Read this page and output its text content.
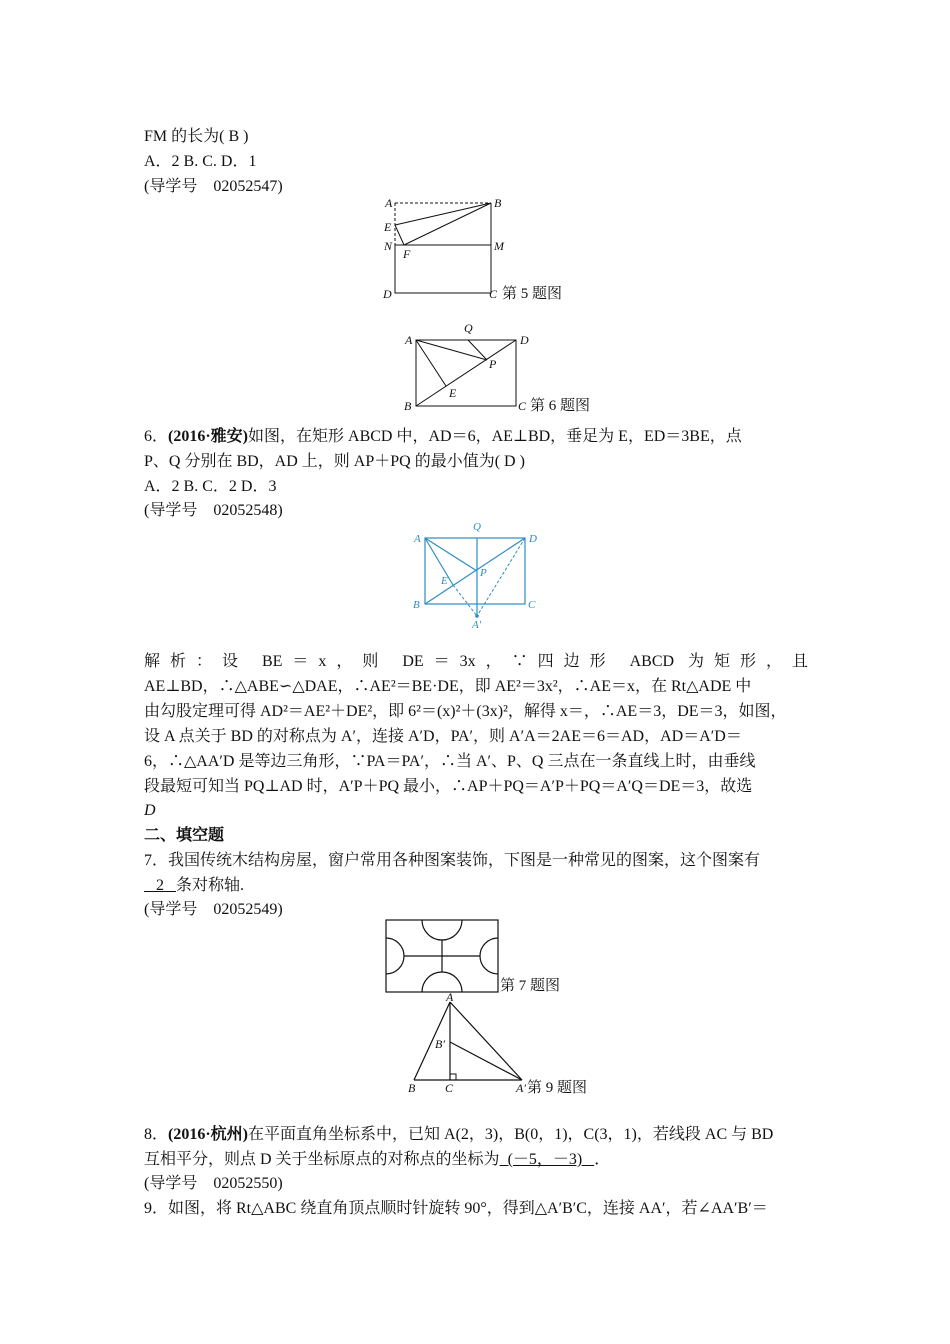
FM 的长为( B )
A．2 B. C. D．1
(导学号　02052547)
A	B
E
N
F
M
D	C 第 5 题图
Q
A	D
P
E
B	C 第 6 题图
6．(2016·雅安)如图，在矩形 ABCD 中，AD＝6，AE⊥BD，垂足为 E，ED＝3BE，点
P、Q 分别在 BD，AD 上，则 AP＋PQ 的最小值为( D )
A．2 B. C．2 D．3
(导学号　02052548)
Q
A	D
P
E
B	C
A′
解析：设 BE＝x，则 DE＝3x，∵四边形 ABCD 为矩形，且
AE⊥BD，∴△ABE∽△DAE，∴AE²＝BE·DE，即 AE²＝3x²，∴AE＝x，在 Rt△ADE 中
由勾股定理可得 AD²＝AE²＋DE²，即 6²＝(x)²＋(3x)²，解得 x＝，∴AE＝3，DE＝3，如图，
设 A 点关于 BD 的对称点为 A′，连接 A′D，PA′，则 A′A＝2AE＝6＝AD，AD＝A′D＝
6，∴△AA′D 是等边三角形，∵PA＝PA′，∴当 A′、P、Q 三点在一条直线上时，由垂线
段最短可知当 PQ⊥AD 时，A′P＋PQ 最小，∴AP＋PQ＝A′P＋PQ＝A′Q＝DE＝3，故选
D
二、填空题
7．我国传统木结构房屋，窗户常用各种图案装饰，下图是一种常见的图案，这个图案有
2 条对称轴.
(导学号　02052549)
第 7 题图
A
B′
B C	A′ 第 9 题图
8．(2016·杭州)在平面直角坐标系中，已知 A(2，3)，B(0，1)，C(3，1)，若线段 AC 与 BD
互相平分，则点 D 关于坐标原点的对称点的坐标为 (－5，－3) ．
(导学号　02052550)
9．如图，将 Rt△ABC 绕直角顶点顺时针旋转 90°，得到△A′B′C，连接 AA′，若∠AA′B′＝
